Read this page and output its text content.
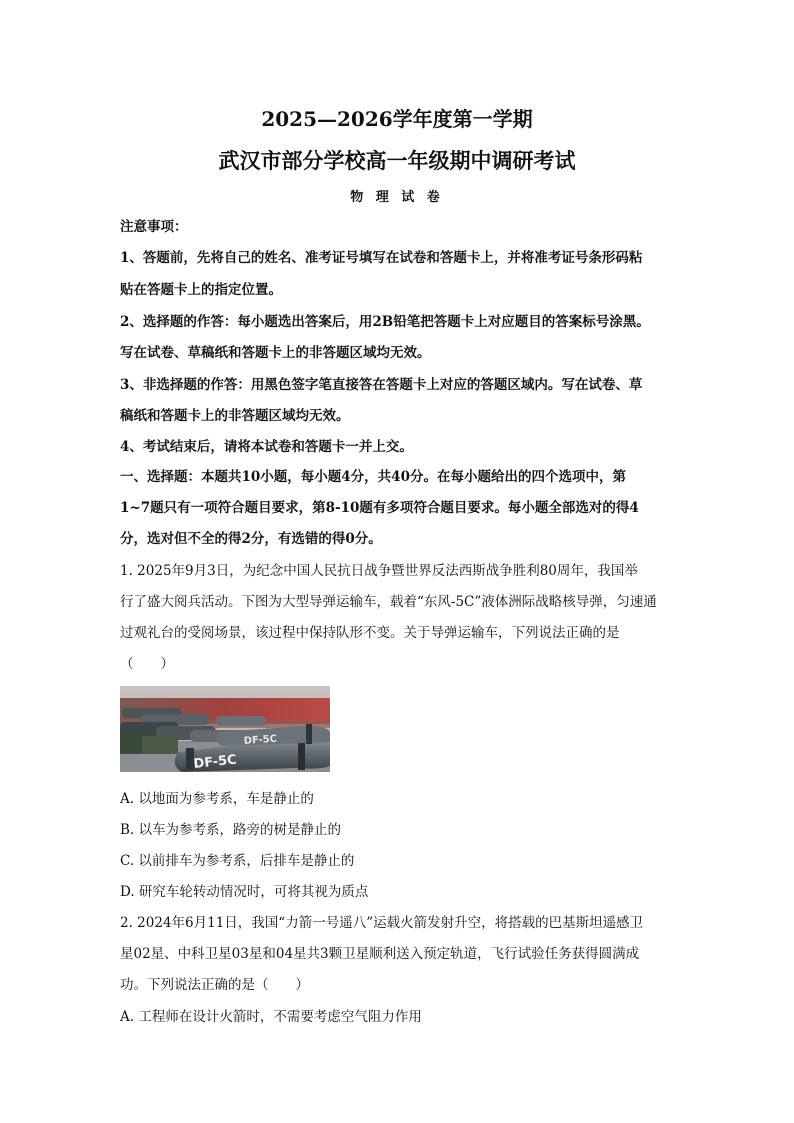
2025—2026学年度第一学期
武汉市部分学校高一年级期中调研考试
物 理 试 卷
注意事项：
1、答题前，先将自己的姓名、准考证号填写在试卷和答题卡上，并将准考证号条形码粘
贴在答题卡上的指定位置。
2、选择题的作答：每小题选出答案后，用2B铅笔把答题卡上对应题目的答案标号涂黑。
写在试卷、草稿纸和答题卡上的非答题区域均无效。
3、非选择题的作答：用黑色签字笔直接答在答题卡上对应的答题区域内。写在试卷、草
稿纸和答题卡上的非答题区域均无效。
4、考试结束后，请将本试卷和答题卡一并上交。
一、选择题：本题共10小题，每小题4分，共40分。在每小题给出的四个选项中，第
1~7题只有一项符合题目要求，第8-10题有多项符合题目要求。每小题全部选对的得4
分，选对但不全的得2分，有选错的得0分。
1. 2025年9月3日，为纪念中国人民抗日战争暨世界反法西斯战争胜利80周年，我国举
行了盛大阅兵活动。下图为大型导弹运输车，载着“东风-5C”液体洲际战略核导弹，匀速通
过观礼台的受阅场景，该过程中保持队形不变。关于导弹运输车，下列说法正确的是
（　　）
DF-5C
DF-5C
A. 以地面为参考系，车是静止的
B. 以车为参考系，路旁的树是静止的
C. 以前排车为参考系，后排车是静止的
D. 研究车轮转动情况时，可将其视为质点
2. 2024年6月11日，我国“力箭一号遥八”运载火箭发射升空，将搭载的巴基斯坦遥感卫
星02星、中科卫星03星和04星共3颗卫星顺利送入预定轨道，飞行试验任务获得圆满成
功。下列说法正确的是（　　）
A. 工程师在设计火箭时，不需要考虑空气阻力作用
